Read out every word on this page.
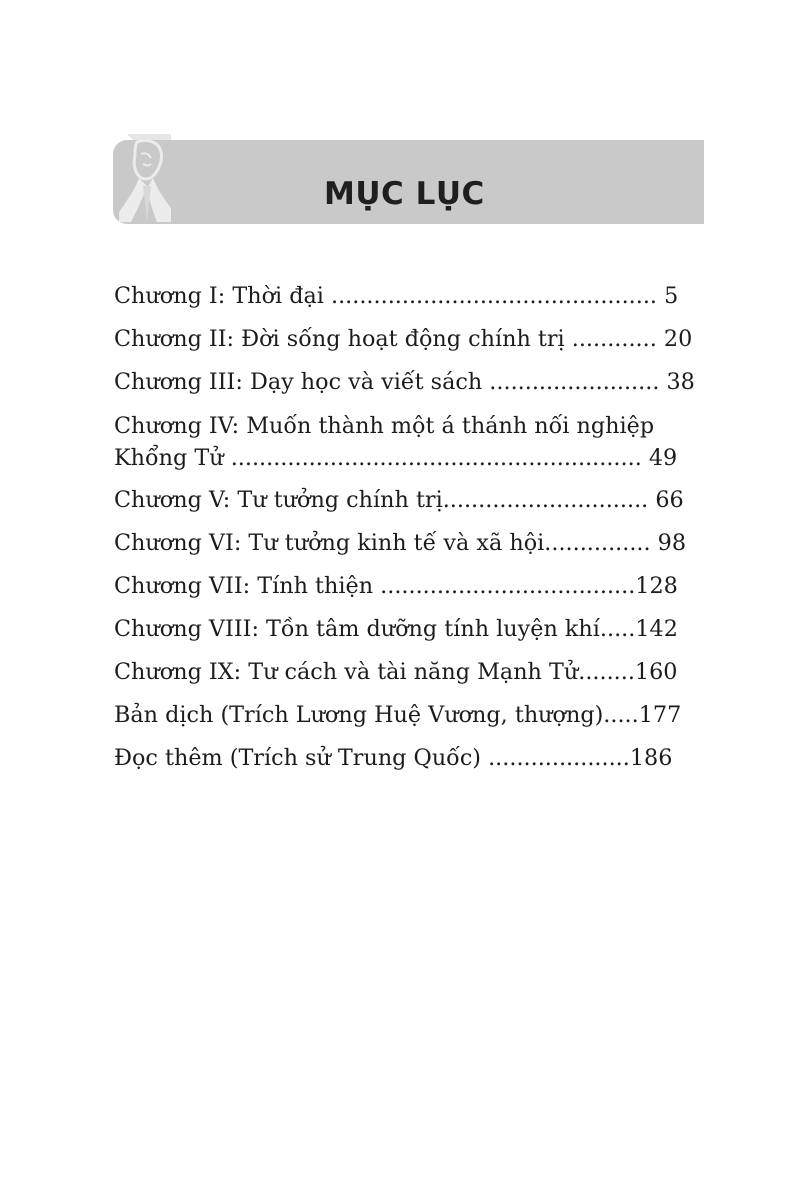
MỤC LỤC
Chương I: Thời đại .............................................. 5
Chương II: Đời sống hoạt động chính trị ............ 20
Chương III: Dạy học và viết sách ........................ 38
Chương IV: Muốn thành một á thánh nối nghiệp
Khổng Tử .......................................................... 49
Chương V: Tư tưởng chính trị............................. 66
Chương VI: Tư tưởng kinh tế và xã hội............... 98
Chương VII: Tính thiện ....................................128
Chương VIII: Tồn tâm dưỡng tính luyện khí.....142
Chương IX: Tư cách và tài năng Mạnh Tử........160
Bản dịch (Trích Lương Huệ Vương, thượng).....177
Đọc thêm (Trích sử Trung Quốc) ....................186
